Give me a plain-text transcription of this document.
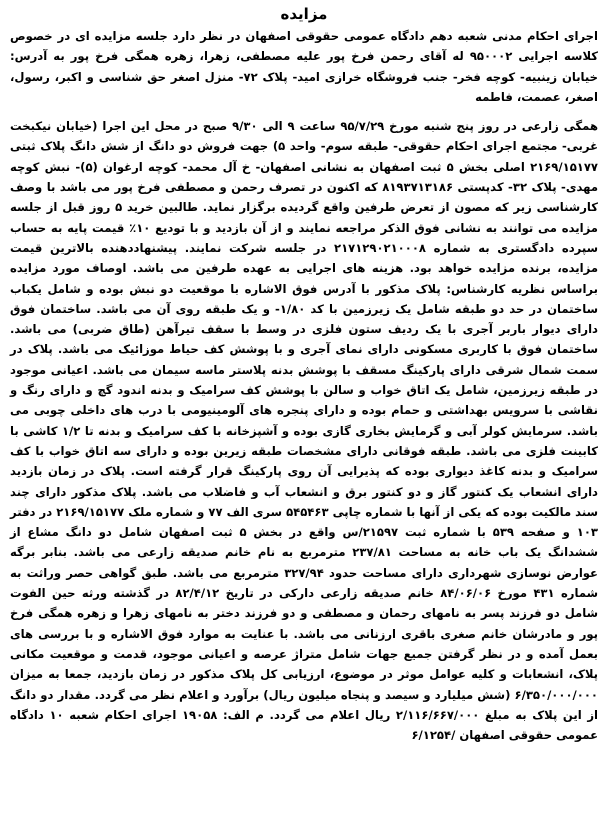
مزایده

اجرای احکام مدنی شعبه دهم دادگاه عمومی حقوقی اصفهان در نظر دارد جلسه مزایده ای در خصوص کلاسه اجرایی ۹۵۰۰۰۲ له آقای رحمن فرخ پور علیه مصطفی، زهرا، زهره همگی فرخ پور به آدرس: خیابان زینبیه- کوچه فخر- جنب فروشگاه خرازی امید- پلاک ۷۲- منزل اصغر حق شناسی و اکبر، رسول، اصغر، عصمت، فاطمه

همگی زارعی در روز پنج شنبه مورخ ۹۵/۷/۲۹ ساعت ۹ الی ۹/۳۰ صبح در محل این اجرا (خیابان نیکبخت غربی- مجتمع اجرای احکام حقوقی- طبقه سوم- واحد ۵) جهت فروش دو دانگ از شش دانگ پلاک ثبتی ۲۱۶۹/۱۵۱۷۷ اصلی بخش ۵ ثبت اصفهان به نشانی اصفهان- خ آل محمد- کوچه ارغوان (۵)- نبش کوچه مهدی- پلاک ۳۲- کدپستی ۸۱۹۳۷۱۳۱۸۶ که اکنون در تصرف رحمن و مصطفی فرخ پور می باشد با وصف کارشناسی زیر که مصون از تعرض طرفین واقع گردیده برگزار نماید. طالبین خرید ۵ روز قبل از جلسه مزایده می توانند به نشانی فوق الذکر مراجعه نمایند و از آن بازدید و با تودیع ۱۰٪ قیمت پایه به حساب سپرده دادگستری به شماره ۲۱۷۱۲۹۰۲۱۰۰۰۸ در جلسه شرکت نمایند. پیشنهاددهنده بالاترین قیمت مزایده، برنده مزایده خواهد بود. هزینه های اجرایی به عهده طرفین می باشد. اوصاف مورد مزایده براساس نظریه کارشناس: پلاک مذکور با آدرس فوق الاشاره با موقعیت دو نبش بوده و شامل یکباب ساختمان در حد دو طبقه شامل یک زیرزمین با کد ۱/۸۰- و یک طبقه روی آن می باشد. ساختمان فوق دارای دیوار باربر آجری با یک ردیف ستون فلزی در وسط با سقف تیرآهن (طاق ضربی) می باشد. ساختمان فوق با کاربری مسکونی دارای نمای آجری و با پوشش کف حیاط موزائیک می باشد. پلاک در سمت شمال شرقی دارای پارکینگ مسقف با پوشش بدنه پلاستر ماسه سیمان می باشد. اعیانی موجود در طبقه زیرزمین، شامل یک اتاق خواب و سالن با پوشش کف سرامیک و بدنه اندود گچ و دارای رنگ و نقاشی با سرویس بهداشتی و حمام بوده و دارای پنجره های آلومینیومی با درب های داخلی چوبی می باشد. سرمایش کولر آبی و گرمایش بخاری گازی بوده و آشپزخانه با کف سرامیک و بدنه تا ۱/۲ کاشی با کابینت فلزی می باشد. طبقه فوقانی دارای مشخصات طبقه زیرین بوده و دارای سه اتاق خواب با کف سرامیک و بدنه کاغذ دیواری بوده که پذیرایی آن روی پارکینگ قرار گرفته است. پلاک در زمان بازدید دارای انشعاب یک کنتور گاز و دو کنتور برق و انشعاب آب و فاضلاب می باشد. پلاک مذکور دارای چند سند مالکیت بوده که یکی از آنها با شماره چاپی ۵۴۵۴۶۳ سری الف ۷۷ و شماره ملک ۲۱۶۹/۱۵۱۷۷ در دفتر ۱۰۳ و صفحه ۵۳۹ با شماره ثبت ۲۱۵۹۷/س واقع در بخش ۵ ثبت اصفهان شامل دو دانگ مشاع از ششدانگ یک باب خانه به مساحت ۲۳۷/۸۱ مترمربع به نام خانم صدیقه زارعی می باشد. بنابر برگه عوارض نوسازی شهرداری دارای مساحت حدود ۳۲۷/۹۴ مترمربع می باشد. طبق گواهی حصر وراثت به شماره ۴۳۱ مورخ ۸۴/۰۶/۰۶ خانم صدیقه زارعی دارکی در تاریخ ۸۲/۴/۱۲ در گذشته ورثه حین الفوت شامل دو فرزند پسر به نامهای رحمان و مصطفی و دو فرزند دختر به نامهای زهرا و زهره همگی فرخ پور و مادرشان خانم صغری باقری ارزنانی می باشد. با عنایت به موارد فوق الاشاره و با بررسی های بعمل آمده و در نظر گرفتن جمیع جهات شامل متراژ عرصه و اعیانی موجود، قدمت و موقعیت مکانی پلاک، انشعابات و کلیه عوامل موثر در موضوع، ارزیابی کل پلاک مذکور در زمان بازدید، جمعا به میزان ۶/۳۵۰/۰۰۰/۰۰۰ (شش میلیارد و سیصد و پنجاه میلیون ریال) برآورد و اعلام نظر می گردد. مقدار دو دانگ از این پلاک به مبلغ ۲/۱۱۶/۶۶۷/۰۰۰ ریال اعلام می گردد. م الف: ۱۹۰۵۸ اجرای احکام شعبه ۱۰ دادگاه عمومی حقوقی اصفهان /۶/۱۲۵۴
